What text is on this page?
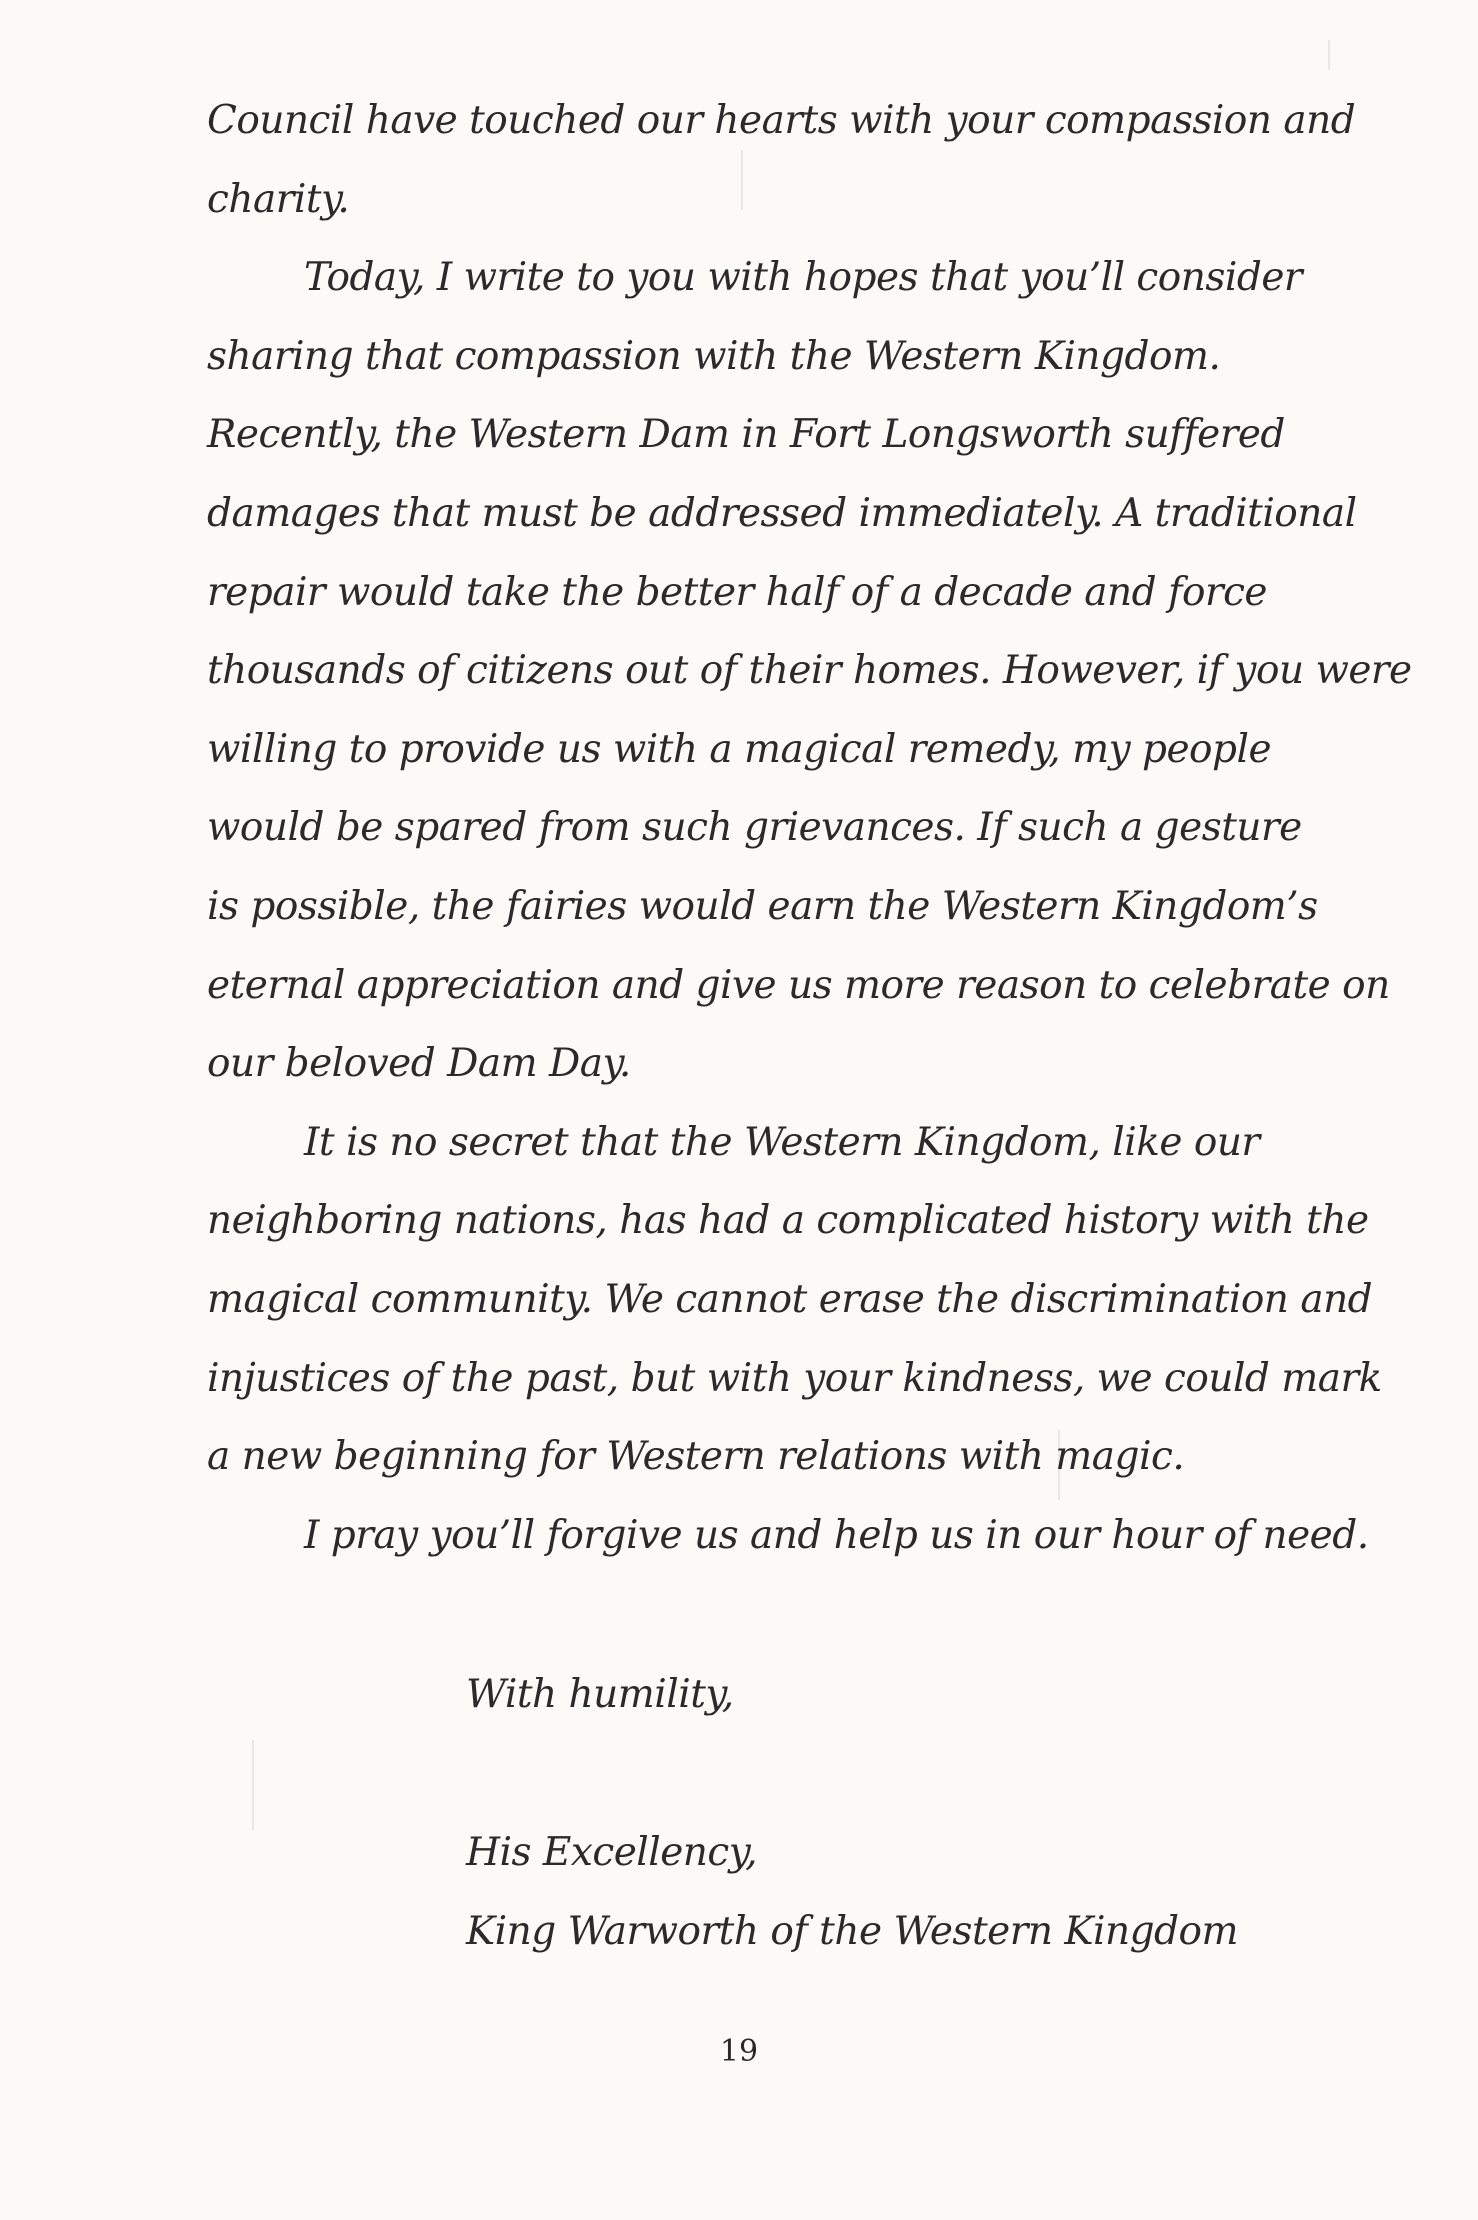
Council have touched our hearts with your compassion and
charity.
Today, I write to you with hopes that you’ll consider
sharing that compassion with the Western Kingdom.
Recently, the Western Dam in Fort Longsworth suffered
damages that must be addressed immediately. A traditional
repair would take the better half of a decade and force
thousands of citizens out of their homes. However, if you were
willing to provide us with a magical remedy, my people
would be spared from such grievances. If such a gesture
is possible, the fairies would earn the Western Kingdom’s
eternal appreciation and give us more reason to celebrate on
our beloved Dam Day.
It is no secret that the Western Kingdom, like our
neighboring nations, has had a complicated history with the
magical community. We cannot erase the discrimination and
injustices of the past, but with your kindness, we could mark
a new beginning for Western relations with magic.
I pray you’ll forgive us and help us in our hour of need.
With humility,
His Excellency,
King Warworth of the Western Kingdom
19
